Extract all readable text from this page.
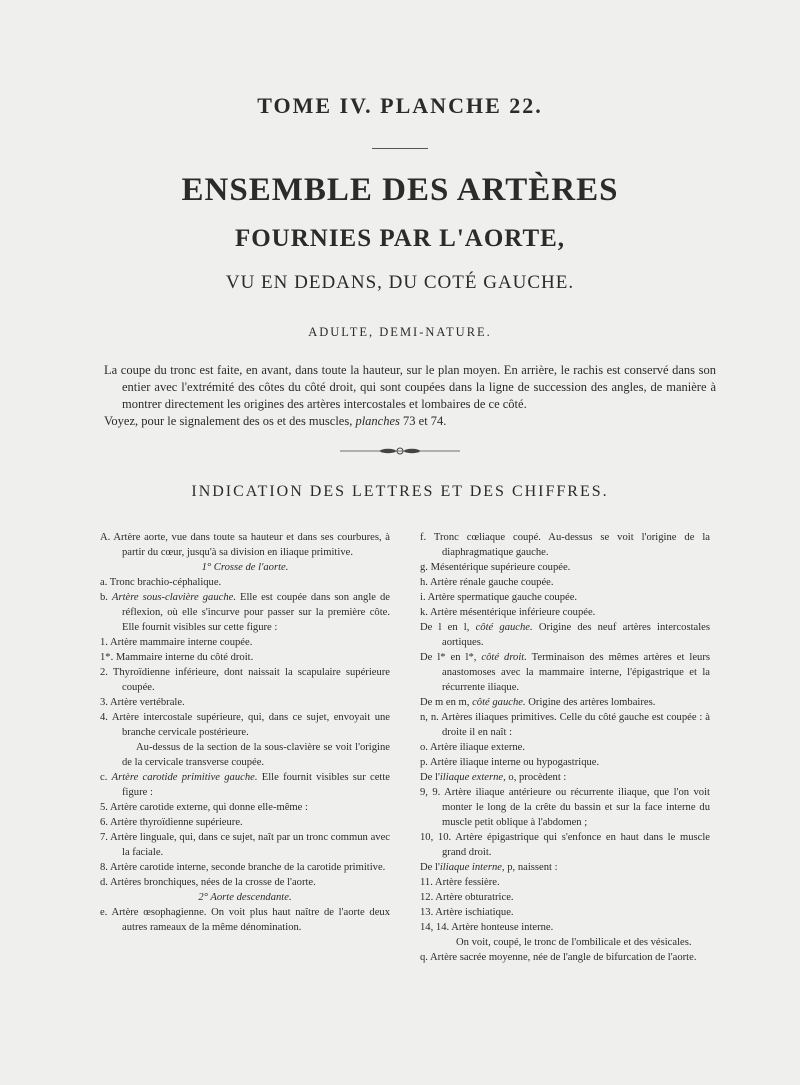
TOME IV. PLANCHE 22.
ENSEMBLE DES ARTÈRES
FOURNIES PAR L'AORTE,
VU EN DEDANS, DU COTÉ GAUCHE.
ADULTE, DEMI-NATURE.

La coupe du tronc est faite, en avant, dans toute la hauteur, sur le plan moyen. En arrière, le rachis est conservé dans son entier avec l'extrémité des côtes du côté droit, qui sont coupées dans la ligne de succession des angles, de manière à montrer directement les origines des artères intercostales et lombaires de ce côté.

Voyez, pour le signalement des os et des muscles, planches 73 et 74.

INDICATION DES LETTRES ET DES CHIFFRES.
A. Artère aorte, vue dans toute sa hauteur et dans ses courbures, à partir du cœur, jusqu'à sa division en iliaque primitive.
1° Crosse de l'aorte.
a. Tronc brachio-céphalique.
b. Artère sous-clavière gauche. Elle est coupée dans son angle de réflexion, où elle s'incurve pour passer sur la première côte. Elle fournit visibles sur cette figure :
1. Artère mammaire interne coupée.
1*. Mammaire interne du côté droit.
2. Thyroïdienne inférieure, dont naissait la scapulaire supérieure coupée.
3. Artère vertébrale.
4. Artère intercostale supérieure, qui, dans ce sujet, envoyait une branche cervicale postérieure.
Au-dessus de la section de la sous-clavière se voit l'origine de la cervicale transverse coupée.
c. Artère carotide primitive gauche. Elle fournit visibles sur cette figure :
5. Artère carotide externe, qui donne elle-même :
6. Artère thyroïdienne supérieure.
7. Artère linguale, qui, dans ce sujet, naît par un tronc commun avec la faciale.
8. Artère carotide interne, seconde branche de la carotide primitive.
d. Artères bronchiques, nées de la crosse de l'aorte.
2° Aorte descendante.
e. Artère œsophagienne. On voit plus haut naître de l'aorte deux autres rameaux de la même dénomination.
f. Tronc cœliaque coupé. Au-dessus se voit l'origine de la diaphragmatique gauche.
g. Mésentérique supérieure coupée.
h. Artère rénale gauche coupée.
i. Artère spermatique gauche coupée.
k. Artère mésentérique inférieure coupée.
De l en l, côté gauche. Origine des neuf artères intercostales aortiques.
De l* en l*, côté droit. Terminaison des mêmes artères et leurs anastomoses avec la mammaire interne, l'épigastrique et la récurrente iliaque.
De m en m, côté gauche. Origine des artères lombaires.
n, n. Artères iliaques primitives. Celle du côté gauche est coupée : à droite il en naît :
o. Artère iliaque externe.
p. Artère iliaque interne ou hypogastrique.
De l'iliaque externe, o, procèdent :
9, 9. Artère iliaque antérieure ou récurrente iliaque, que l'on voit monter le long de la crête du bassin et sur la face interne du muscle petit oblique à l'abdomen ;
10, 10. Artère épigastrique qui s'enfonce en haut dans le muscle grand droit.
De l'iliaque interne, p, naissent :
11. Artère fessière.
12. Artère obturatrice.
13. Artère ischiatique.
14, 14. Artère honteuse interne.
On voit, coupé, le tronc de l'ombilicale et des vésicales.
q. Artère sacrée moyenne, née de l'angle de bifurcation de l'aorte.
